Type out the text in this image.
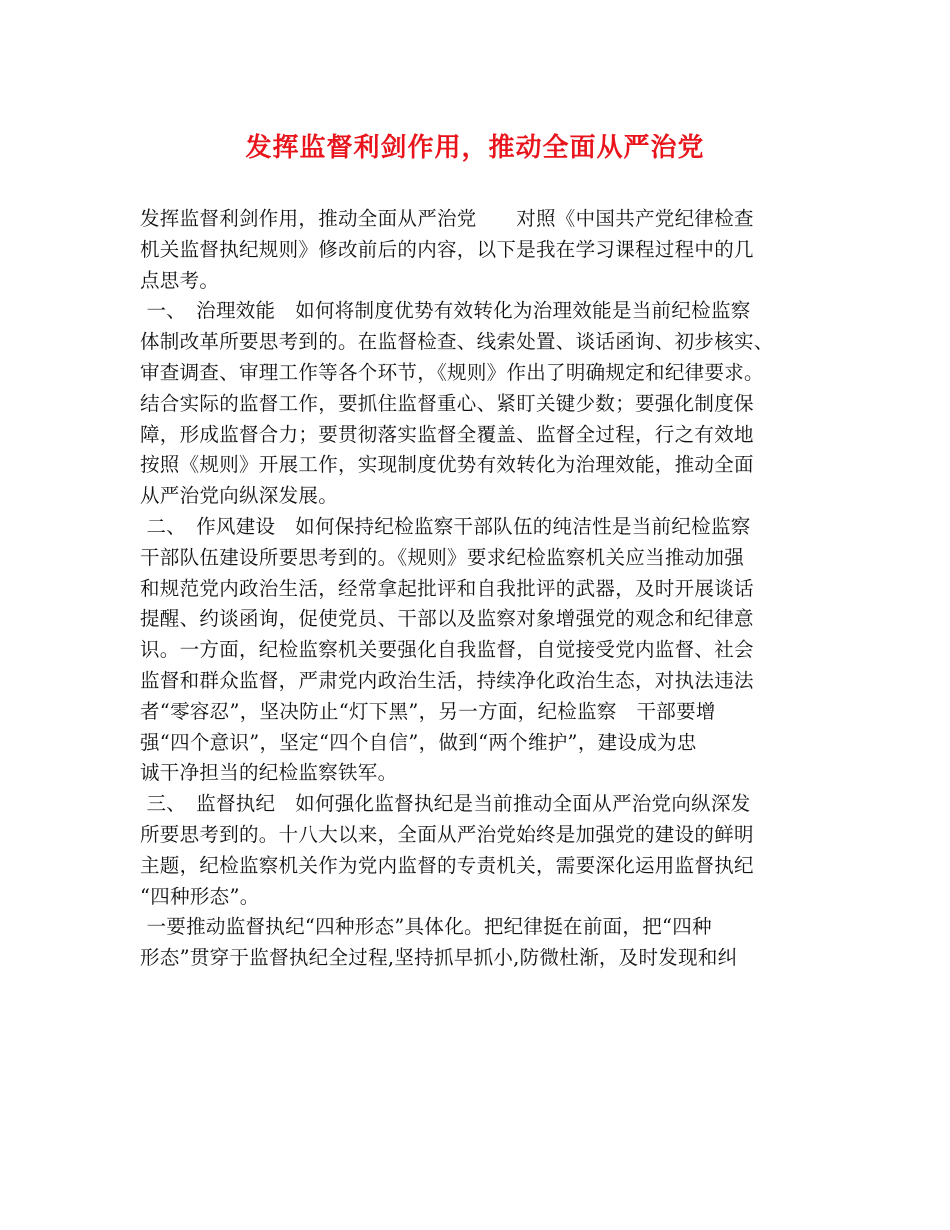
发挥监督利剑作用，推动全面从严治党
发挥监督利剑作用，推动全面从严治党　　对照《中国共产党纪律检查
机关监督执纪规则》修改前后的内容，以下是我在学习课程过程中的几
点思考。
一、　治理效能　如何将制度优势有效转化为治理效能是当前纪检监察
体制改革所要思考到的。在监督检查、线索处置、谈话函询、初步核实、
审查调查、审理工作等各个环节，《规则》作出了明确规定和纪律要求。
结合实际的监督工作，要抓住监督重心、紧盯关键少数；要强化制度保
障，形成监督合力；要贯彻落实监督全覆盖、监督全过程，行之有效地
按照《规则》开展工作，实现制度优势有效转化为治理效能，推动全面
从严治党向纵深发展。
二、　作风建设　如何保持纪检监察干部队伍的纯洁性是当前纪检监察
干部队伍建设所要思考到的。《规则》要求纪检监察机关应当推动加强
和规范党内政治生活，经常拿起批评和自我批评的武器，及时开展谈话
提醒、约谈函询，促使党员、干部以及监察对象增强党的观念和纪律意
识。一方面，纪检监察机关要强化自我监督，自觉接受党内监督、社会
监督和群众监督，严肃党内政治生活，持续净化政治生态，对执法违法
者“零容忍”，坚决防止“灯下黑”，另一方面，纪检监察　干部要增
强“四个意识”，坚定“四个自信”，做到“两个维护”，建设成为忠
诚干净担当的纪检监察铁军。
三、　监督执纪　如何强化监督执纪是当前推动全面从严治党向纵深发
所要思考到的。十八大以来，全面从严治党始终是加强党的建设的鲜明
主题，纪检监察机关作为党内监督的专责机关，需要深化运用监督执纪
“四种形态”。
一要推动监督执纪“四种形态”具体化。把纪律挺在前面，把“四种
形态”贯穿于监督执纪全过程,坚持抓早抓小,防微杜渐，及时发现和纠
